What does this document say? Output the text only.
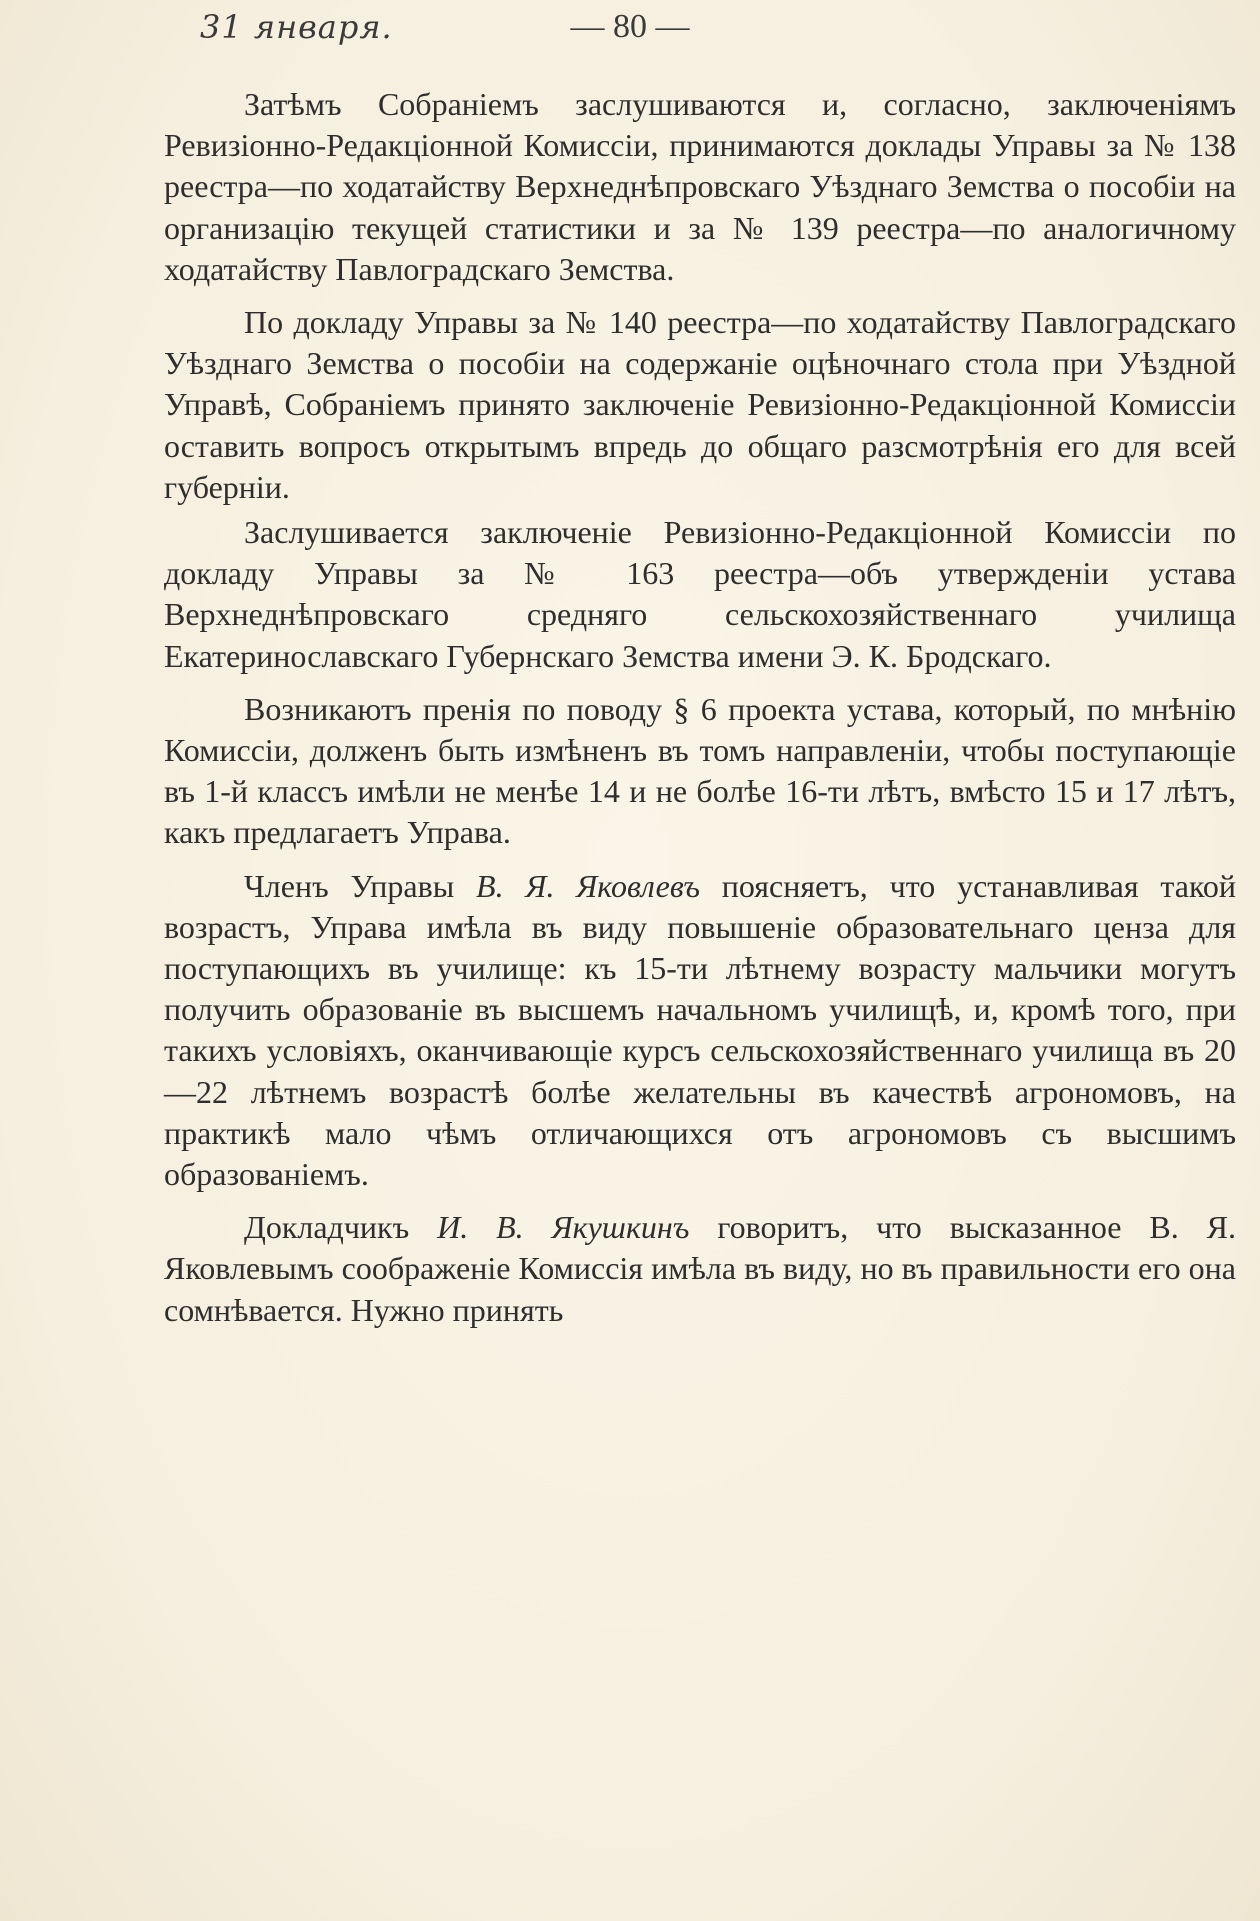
31 января.	— 80 —

Затѣмъ Собраніемъ заслушиваются и, согласно, заключеніямъ Ревизіонно-Редакціонной Комиссіи, принимаются доклады Управы за № 138 реестра—по ходатайству Верхнеднѣпровскаго Уѣзднаго Земства о пособіи на организацію текущей статистики и за № 139 реестра—по аналогичному ходатайству Павлоградскаго Земства.

По докладу Управы за № 140 реестра—по ходатайству Павлоградскаго Уѣзднаго Земства о пособіи на содержаніе оцѣночнаго стола при Уѣздной Управѣ, Собраніемъ принято заключеніе Ревизіонно-Редакціонной Комиссіи оставить вопросъ открытымъ впредь до общаго разсмотрѣнія его для всей губерніи.

Заслушивается заключеніе Ревизіонно-Редакціонной Комиссіи по докладу Управы за № 163 реестра—объ утвержденіи устава Верхнеднѣпровскаго средняго сельскохозяйственнаго училища Екатеринославскаго Губернскаго Земства имени Э. К. Бродскаго.

Возникаютъ пренія по поводу § 6 проекта устава, который, по мнѣнію Комиссіи, долженъ быть измѣненъ въ томъ направленіи, чтобы поступающіе въ 1-й классъ имѣли не менѣе 14 и не болѣе 16-ти лѣтъ, вмѣсто 15 и 17 лѣтъ, какъ предлагаетъ Управа.

Членъ Управы В. Я. Яковлевъ поясняетъ, что устанавливая такой возрастъ, Управа имѣла въ виду повышеніе образовательнаго ценза для поступающихъ въ училище: къ 15-ти лѣтнему возрасту мальчики могутъ получить образованіе въ высшемъ начальномъ училищѣ, и, кромѣ того, при такихъ условіяхъ, оканчивающіе курсъ сельскохозяйственнаго училища въ 20—22 лѣтнемъ возрастѣ болѣе желательны въ качествѣ агрономовъ, на практикѣ мало чѣмъ отличающихся отъ агрономовъ съ высшимъ образованіемъ.

Докладчикъ И. В. Якушкинъ говоритъ, что высказанное В. Я. Яковлевымъ соображеніе Комиссія имѣла въ виду, но въ правильности его она сомнѣвается. Нужно принять
